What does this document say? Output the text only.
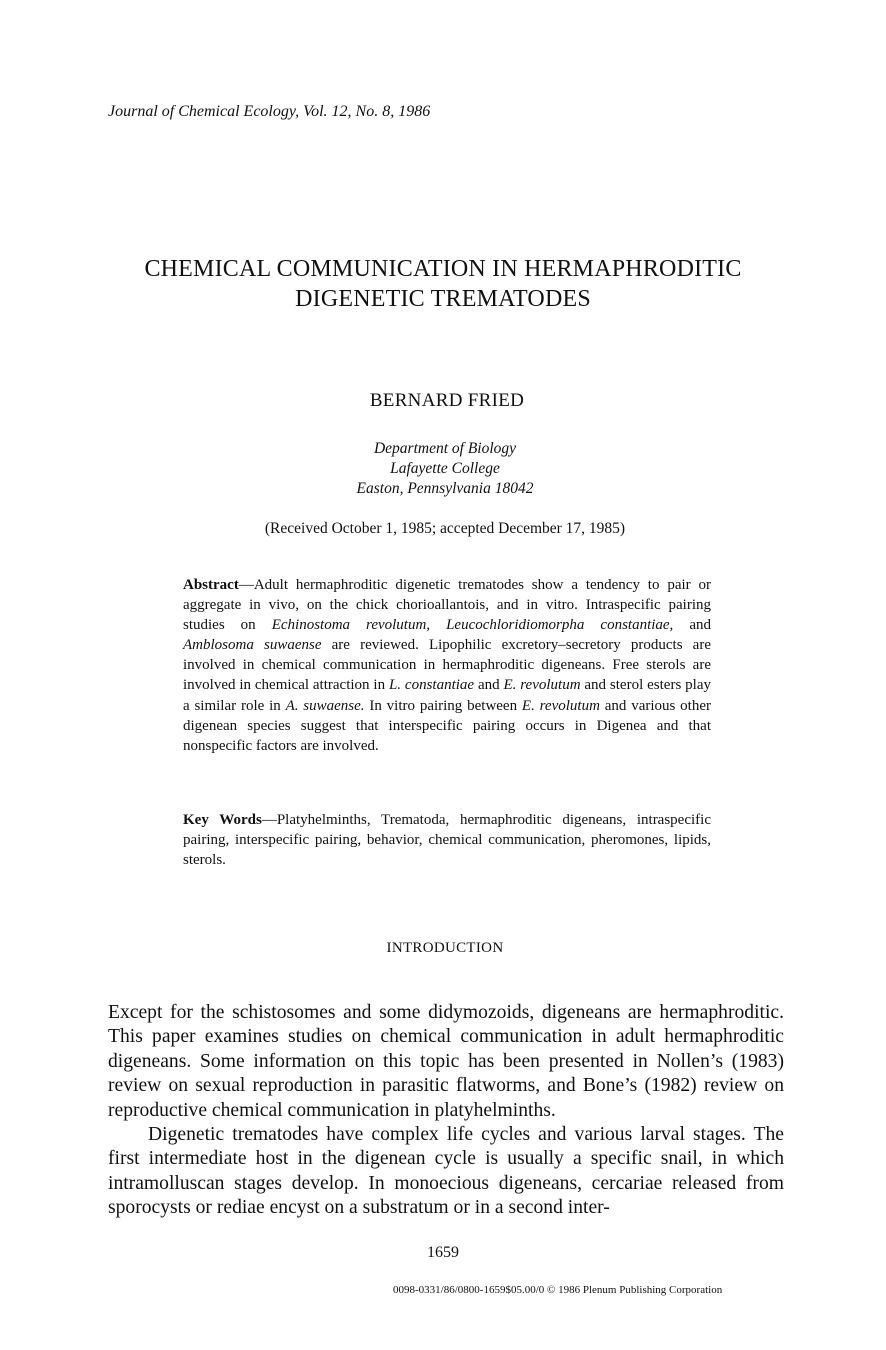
Journal of Chemical Ecology, Vol. 12, No. 8, 1986
CHEMICAL COMMUNICATION IN HERMAPHRODITIC
DIGENETIC TREMATODES
BERNARD FRIED
Department of Biology
Lafayette College
Easton, Pennsylvania 18042
(Received October 1, 1985; accepted December 17, 1985)
Abstract—Adult hermaphroditic digenetic trematodes show a tendency to pair or aggregate in vivo, on the chick chorioallantois, and in vitro. Intraspecific pairing studies on Echinostoma revolutum, Leucochloridiomorpha constantiae, and Amblosoma suwaense are reviewed. Lipophilic excretory–secretory products are involved in chemical communication in hermaphroditic digeneans. Free sterols are involved in chemical attraction in L. constantiae and E. revolutum and sterol esters play a similar role in A. suwaense. In vitro pairing between E. revolutum and various other digenean species suggest that interspecific pairing occurs in Digenea and that nonspecific factors are involved.
Key Words—Platyhelminths, Trematoda, hermaphroditic digeneans, intraspecific pairing, interspecific pairing, behavior, chemical communication, pheromones, lipids, sterols.
INTRODUCTION

Except for the schistosomes and some didymozoids, digeneans are hermaphroditic. This paper examines studies on chemical communication in adult hermaphroditic digeneans. Some information on this topic has been presented in Nollen’s (1983) review on sexual reproduction in parasitic flatworms, and Bone’s (1982) review on reproductive chemical communication in platyhelminths.

Digenetic trematodes have complex life cycles and various larval stages. The first intermediate host in the digenean cycle is usually a specific snail, in which intramolluscan stages develop. In monoecious digeneans, cercariae released from sporocysts or rediae encyst on a substratum or in a second inter-

1659
0098-0331/86/0800-1659$05.00/0 © 1986 Plenum Publishing Corporation
